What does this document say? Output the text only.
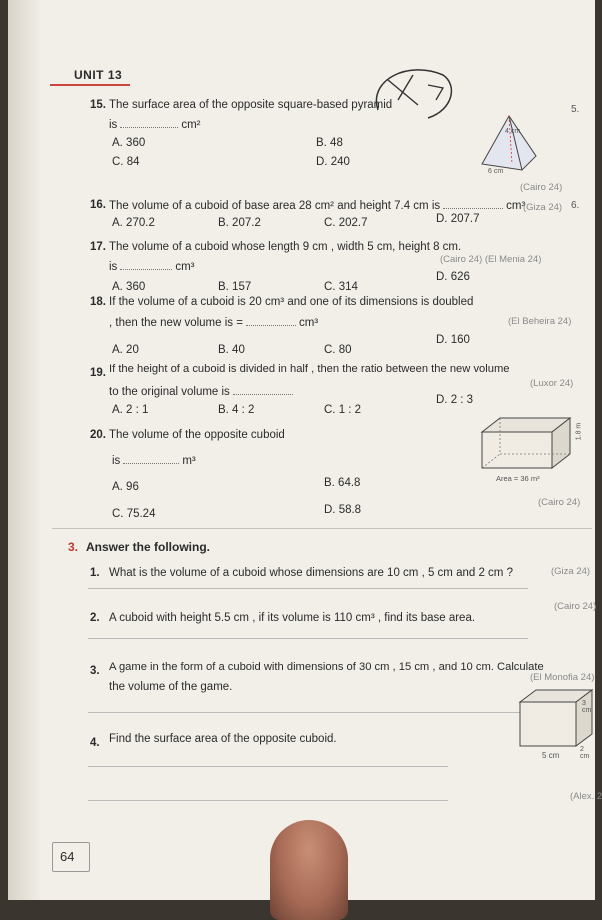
UNIT 13
15. The surface area of the opposite square-based pyramid
is	cm²
A. 360	B. 48
C. 84	D. 240
4 cm
6 cm
(Cairo 24)
5.
16. The volume of a cuboid of base area 28 cm² and height 7.4 cm is	cm³
(Giza 24) 6.
A. 270.2	B. 207.2	C. 202.7	D. 207.7
17. The volume of a cuboid whose length 9 cm , width 5 cm, height 8 cm.
(Cairo 24) (El Menia 24)
is	cm³
A. 360	B. 157	C. 314
D. 626
18. If the volume of a cuboid is 20 cm³ and one of its dimensions is doubled
, then the new volume is =	cm³	(El Beheira 24)
A. 20	B. 40	C. 80
D. 160
19. If the height of a cuboid is divided in half , then the ratio between the new volume
to the original volume is
(Luxor 24)
A. 2 : 1	B. 4 : 2	C. 1 : 2
D. 2 : 3
20. The volume of the opposite cuboid
is	m³
1.8 m
Area = 36 m²
A. 96	B. 64.8
C. 75.24	D. 58.8
(Cairo 24)
3. Answer the following.
1. What is the volume of a cuboid whose dimensions are 10 cm , 5 cm and 2 cm ?	(Giza 24)
2. A cuboid with height 5.5 cm , if its volume is 110 cm³ , find its base area.
(Cairo 24)
3. A game in the form of a cuboid with dimensions of 30 cm , 15 cm , and 10 cm. Calculate
the volume of the game.
(El Monofia 24)
4. Find the surface area of the opposite cuboid.
5 cm
2 cm
3 cm
(Alex. 2
64
